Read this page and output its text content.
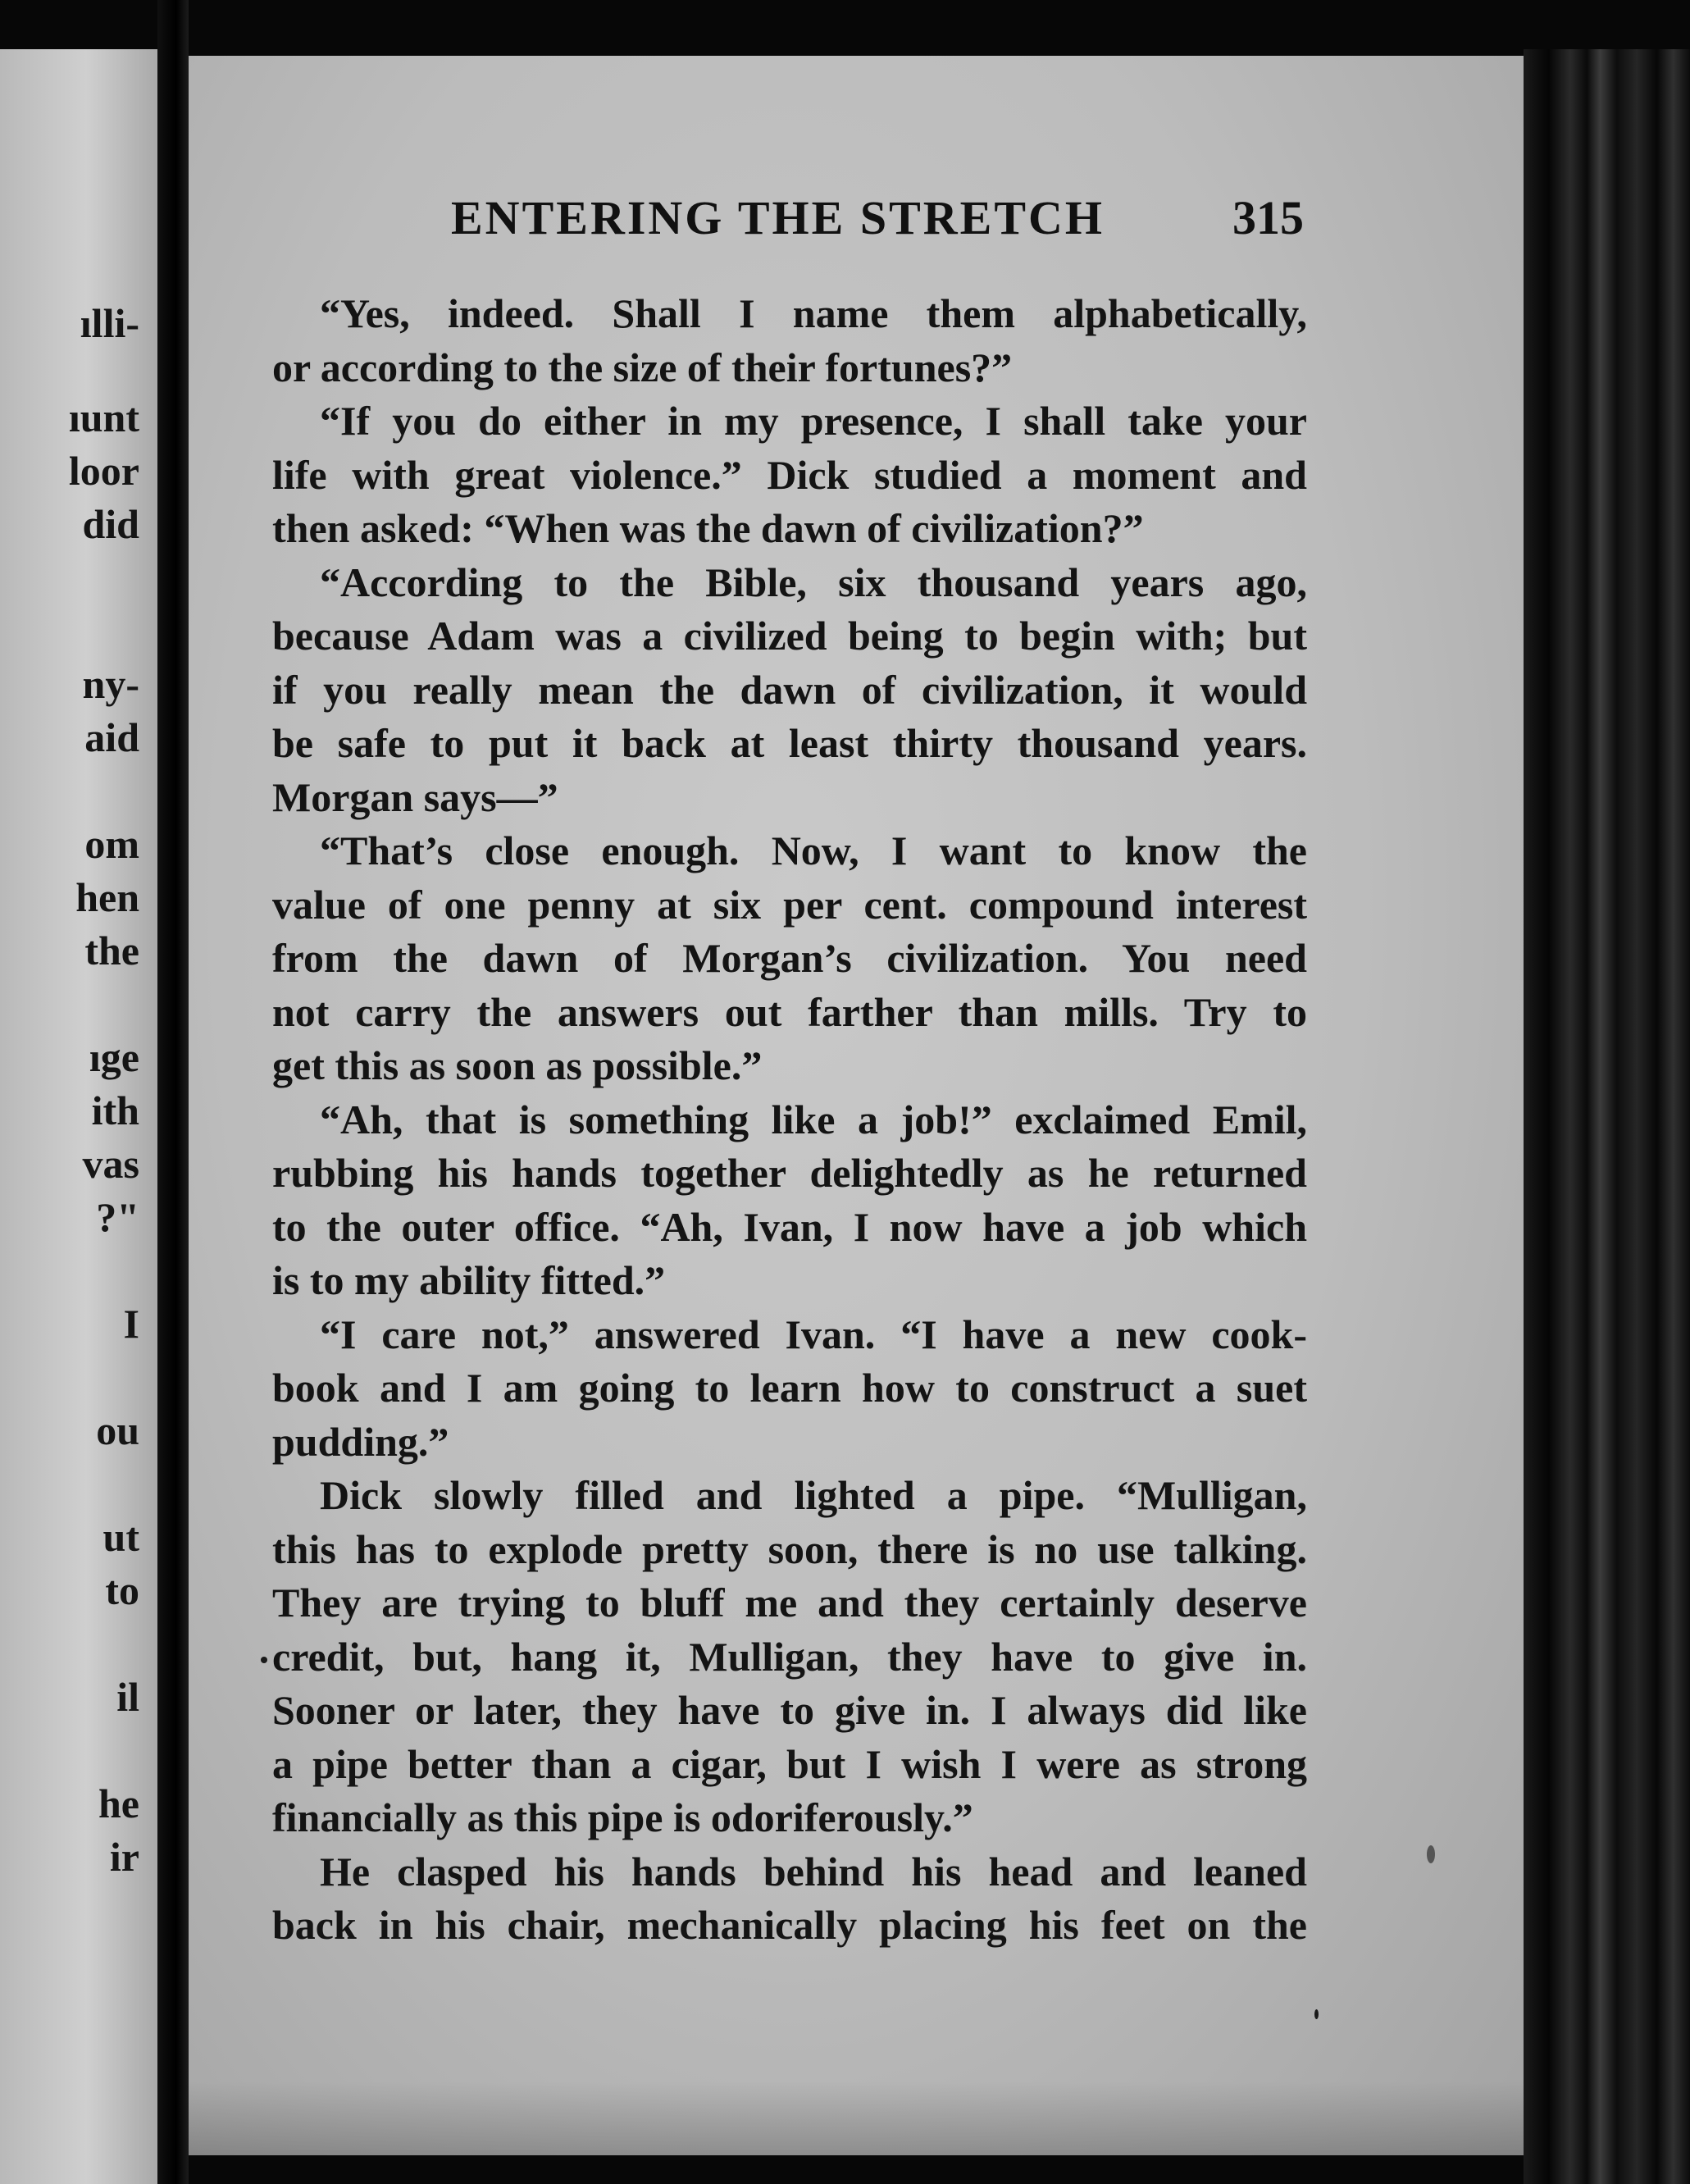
ılli-
ıunt
loor
did
ny-
aid
om
hen
the
ıge
ith
vas
?"
I
ou
ut
to
il
he
ir
ENTERING THE STRETCH	315
“Yes, indeed. Shall I name them alphabetically,
or according to the size of their fortunes?”
“If you do either in my presence, I shall take your
life with great violence.” Dick studied a moment and
then asked: “When was the dawn of civilization?”
“According to the Bible, six thousand years ago,
because Adam was a civilized being to begin with; but
if you really mean the dawn of civilization, it would
be safe to put it back at least thirty thousand years.
Morgan says—”
“That’s close enough. Now, I want to know the
value of one penny at six per cent. compound interest
from the dawn of Morgan’s civilization. You need
not carry the answers out farther than mills. Try to
get this as soon as possible.”
“Ah, that is something like a job!” exclaimed Emil,
rubbing his hands together delightedly as he returned
to the outer office. “Ah, Ivan, I now have a job which
is to my ability fitted.”
“I care not,” answered Ivan. “I have a new cook-
book and I am going to learn how to construct a suet
pudding.”
Dick slowly filled and lighted a pipe. “Mulligan,
this has to explode pretty soon, there is no use talking.
They are trying to bluff me and they certainly deserve
credit, but, hang it, Mulligan, they have to give in.
Sooner or later, they have to give in. I always did like
a pipe better than a cigar, but I wish I were as strong
financially as this pipe is odoriferously.”
He clasped his hands behind his head and leaned
back in his chair, mechanically placing his feet on the
